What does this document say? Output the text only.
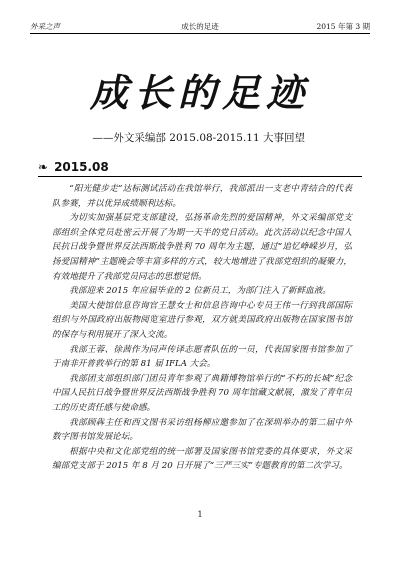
外采之声	成长的足迹	2015 年第 3 期
成长的足迹
——外文采编部 2015.08-2015.11 大事回望
❧ 2015.08

“阳光健步走”达标测试活动在我馆举行，我部派出一支老中青结合的代表队参赛，并以优异成绩顺利达标。

为切实加强基层党支部建设，弘扬革命先烈的爱国精神，外文采编部党支部组织全体党员赴密云开展了为期一天半的党日活动。此次活动以纪念中国人民抗日战争暨世界反法西斯战争胜利 70 周年为主题，通过“追忆峥嵘岁月，弘扬爱国精神”主题晚会等丰富多样的方式，较大地增进了我部党组织的凝聚力，有效地提升了我部党员同志的思想觉悟。

我部迎来 2015 年应届毕业的 2 位新员工，为部门注入了新鲜血液。

美国大使馆信息咨询官王慧女士和信息咨询中心专员王伟一行到我部国际组织与外国政府出版物阅览室进行参观，双方就美国政府出版物在国家图书馆的保存与利用展开了深入交流。

我部王蓉、徐茜作为同声传译志愿者队伍的一员，代表国家图书馆参加了于南非开普敦举行的第 81 届 IFLA 大会。

我部团支部组织部门团员青年参观了典籍博物馆举行的“不朽的长城”纪念中国人民抗日战争暨世界反法西斯战争胜利 70 周年馆藏文献展，激发了青年员工的历史责任感与使命感。

我部顾犇主任和西文图书采访组杨柳应邀参加了在深圳举办的第二届中外数字图书馆发展论坛。

根据中央和文化部党组的统一部署及国家图书馆党委的具体要求，外文采编部党支部于 2015 年 8 月 20 日开展了“三严三实”专题教育的第二次学习。

1
